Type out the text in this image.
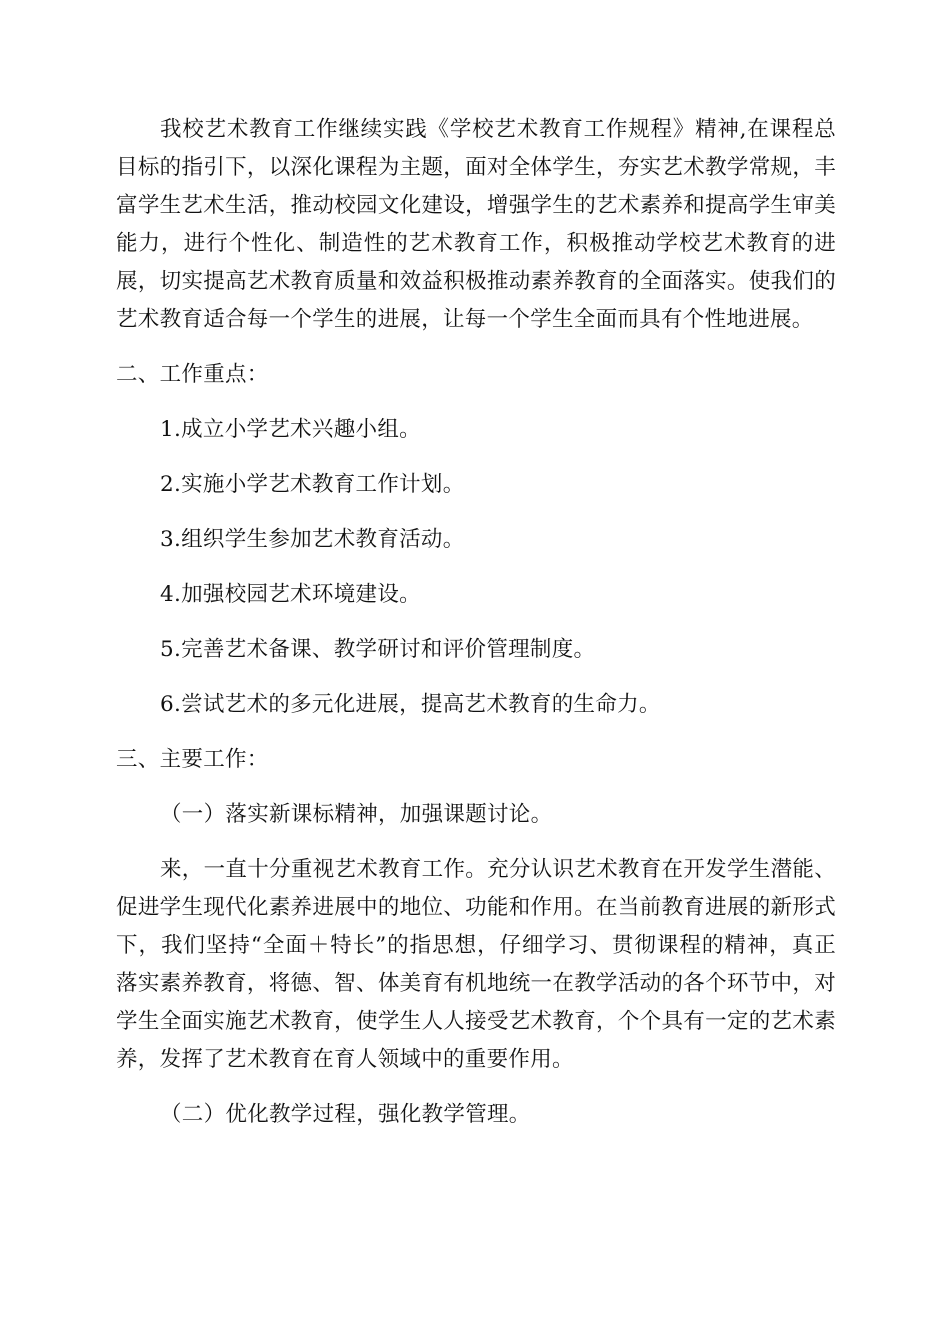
我校艺术教育工作继续实践《学校艺术教育工作规程》精神,在课程总目标的指引下，以深化课程为主题，面对全体学生，夯实艺术教学常规，丰富学生艺术生活，推动校园文化建设，增强学生的艺术素养和提高学生审美能力，进行个性化、制造性的艺术教育工作，积极推动学校艺术教育的进展，切实提高艺术教育质量和效益积极推动素养教育的全面落实。使我们的艺术教育适合每一个学生的进展，让每一个学生全面而具有个性地进展。

二、工作重点：

1.成立小学艺术兴趣小组。

2.实施小学艺术教育工作计划。

3.组织学生参加艺术教育活动。

4.加强校园艺术环境建设。

5.完善艺术备课、教学研讨和评价管理制度。

6.尝试艺术的多元化进展，提高艺术教育的生命力。

三、主要工作：

（一）落实新课标精神，加强课题讨论。

来，一直十分重视艺术教育工作。充分认识艺术教育在开发学生潜能、促进学生现代化素养进展中的地位、功能和作用。在当前教育进展的新形式下，我们坚持“全面＋特长”的指思想，仔细学习、贯彻课程的精神，真正落实素养教育，将德、智、体美育有机地统一在教学活动的各个环节中，对学生全面实施艺术教育，使学生人人接受艺术教育，个个具有一定的艺术素养，发挥了艺术教育在育人领域中的重要作用。

（二）优化教学过程，强化教学管理。
